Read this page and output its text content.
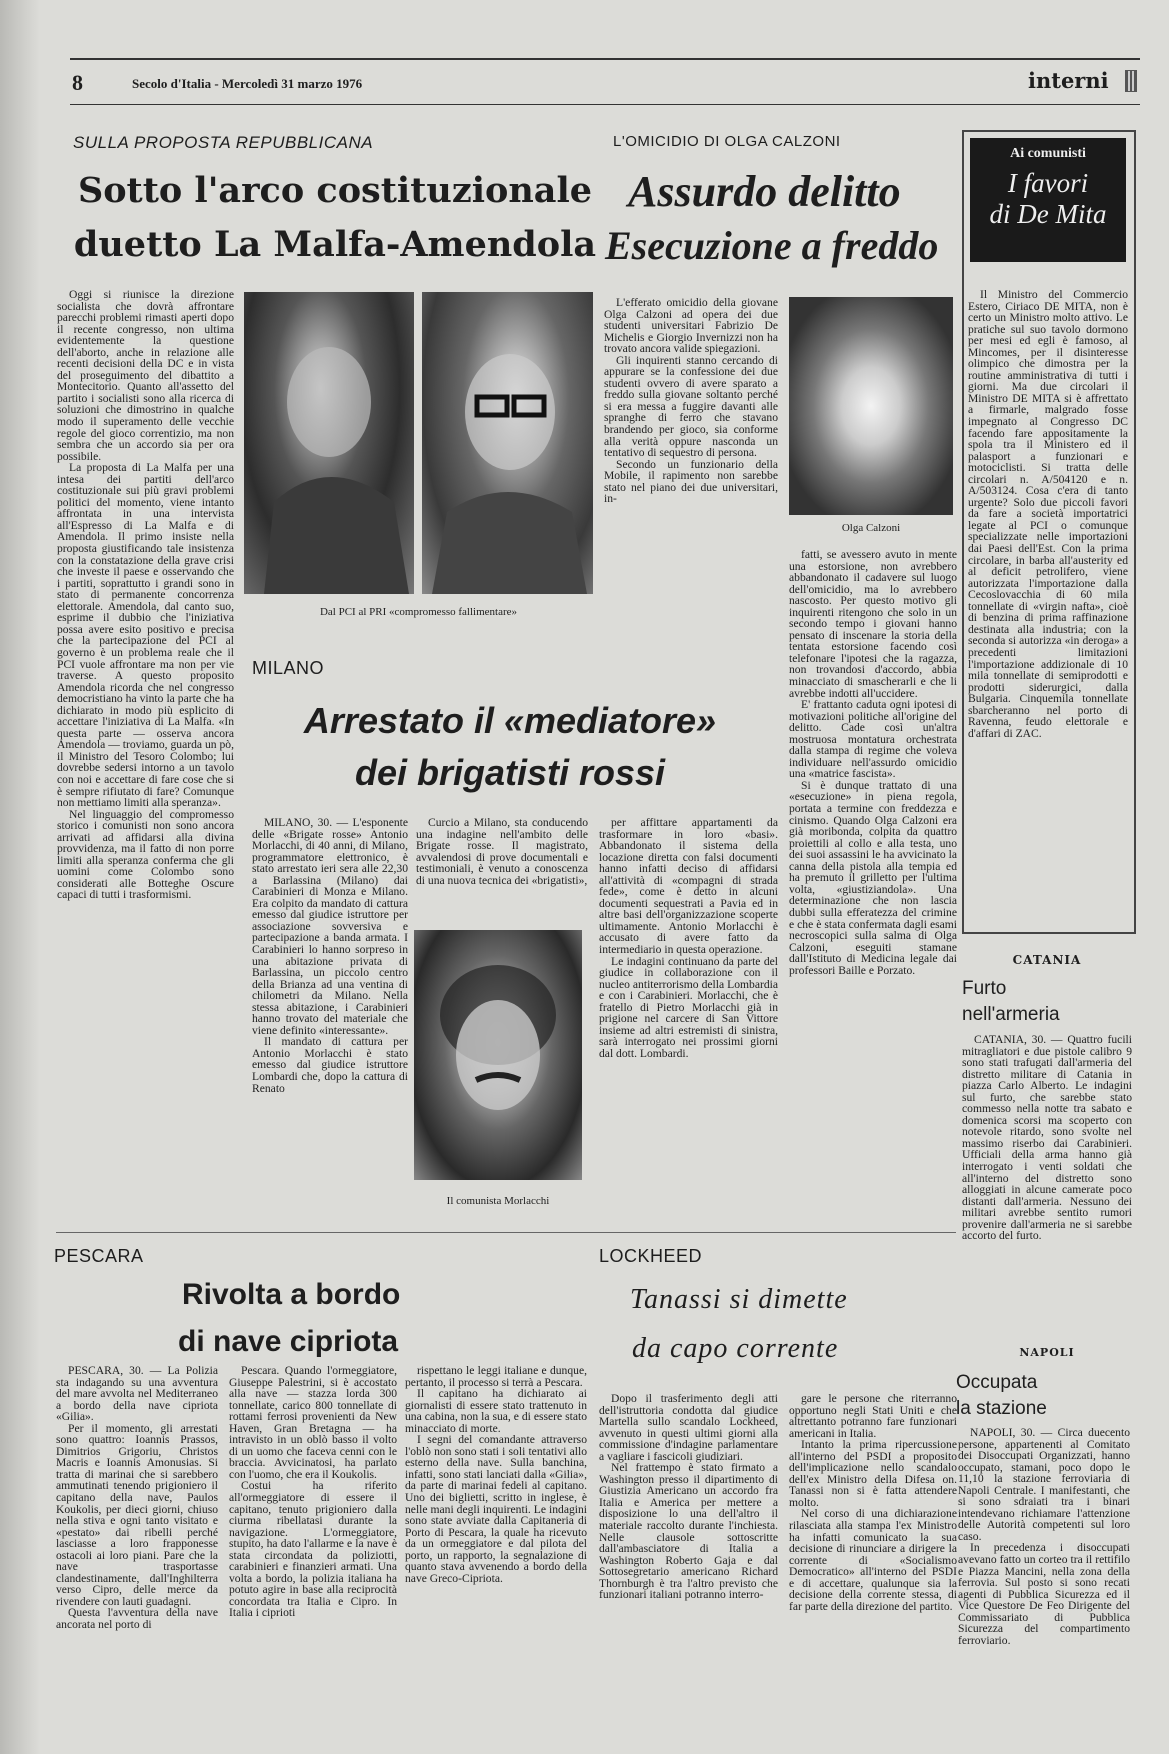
8	Secolo d'Italia - Mercoledì 31 marzo 1976	interni
SULLA PROPOSTA REPUBBLICANA
Sotto l'arco costituzionale
duetto La Malfa-Amendola

Oggi si riunisce la direzione socialista che dovrà affrontare parecchi problemi rimasti aperti dopo il recente congresso, non ultima evidentemente la questione dell'aborto, anche in relazione alle recenti decisioni della DC e in vista del proseguimento del dibattito a Montecitorio. Quanto all'assetto del partito i socialisti sono alla ricerca di soluzioni che dimostrino in qualche modo il superamento delle vecchie regole del gioco correntizio, ma non sembra che un accordo sia per ora possibile.

La proposta di La Malfa per una intesa dei partiti dell'arco costituzionale sui più gravi problemi politici del momento, viene intanto affrontata in una intervista all'Espresso di La Malfa e di Amendola. Il primo insiste nella proposta giustificando tale insistenza con la constatazione della grave crisi che investe il paese e osservando che i partiti, soprattutto i grandi sono in stato di permanente concorrenza elettorale. Amendola, dal canto suo, esprime il dubbio che l'iniziativa possa avere esito positivo e precisa che la partecipazione del PCI al governo è un problema reale che il PCI vuole affrontare ma non per vie traverse. A questo proposito Amendola ricorda che nel congresso democristiano ha vinto la parte che ha dichiarato in modo più esplicito di accettare l'iniziativa di La Malfa. «In questa parte — osserva ancora Amendola — troviamo, guarda un pò, il Ministro del Tesoro Colombo; lui dovrebbe sedersi intorno a un tavolo con noi e accettare di fare cose che si è sempre rifiutato di fare? Comunque non mettiamo limiti alla speranza».

Nel linguaggio del compromesso storico i comunisti non sono ancora arrivati ad affidarsi alla divina provvidenza, ma il fatto di non porre limiti alla speranza conferma che gli uomini come Colombo sono considerati alle Botteghe Oscure capaci di tutti i trasformismi.

Dal PCI al PRI «compromesso fallimentare»
L'OMICIDIO DI OLGA CALZONI
Assurdo delitto
Esecuzione a freddo

L'efferato omicidio della giovane Olga Calzoni ad opera dei due studenti universitari Fabrizio De Michelis e Giorgio Invernizzi non ha trovato ancora valide spiegazioni.

Gli inquirenti stanno cercando di appurare se la confessione dei due studenti ovvero di avere sparato a freddo sulla giovane soltanto perché si era messa a fuggire davanti alle spranghe di ferro che stavano brandendo per gioco, sia conforme alla verità oppure nasconda un tentativo di sequestro di persona.

Secondo un funzionario della Mobile, il rapimento non sarebbe stato nel piano dei due universitari, in-

Olga Calzoni

fatti, se avessero avuto in mente una estorsione, non avrebbero abbandonato il cadavere sul luogo dell'omicidio, ma lo avrebbero nascosto. Per questo motivo gli inquirenti ritengono che solo in un secondo tempo i giovani hanno pensato di inscenare la storia della tentata estorsione facendo così telefonare l'ipotesi che la ragazza, non trovandosi d'accordo, abbia minacciato di smascherarli e che li avrebbe indotti all'uccidere.

E' frattanto caduta ogni ipotesi di motivazioni politiche all'origine del delitto. Cade così un'altra mostruosa montatura orchestrata dalla stampa di regime che voleva individuare nell'assurdo omicidio una «matrice fascista».

Si è dunque trattato di una «esecuzione» in piena regola, portata a termine con freddezza e cinismo. Quando Olga Calzoni era già moribonda, colpita da quattro proiettili al collo e alla testa, uno dei suoi assassini le ha avvicinato la canna della pistola alla tempia ed ha premuto il grilletto per l'ultima volta, «giustiziandola». Una determinazione che non lascia dubbi sulla efferatezza del crimine e che è stata confermata dagli esami necroscopici sulla salma di Olga Calzoni, eseguiti stamane dall'Istituto di Medicina legale dai professori Baille e Porzato.

Ai comunisti
I favori
di De Mita

Il Ministro del Commercio Estero, Ciriaco DE MITA, non è certo un Ministro molto attivo. Le pratiche sul suo tavolo dormono per mesi ed egli è famoso, al Mincomes, per il disinteresse olimpico che dimostra per la routine amministrativa di tutti i giorni. Ma due circolari il Ministro DE MITA si è affrettato a firmarle, malgrado fosse impegnato al Congresso DC facendo fare appositamente la spola tra il Ministero ed il palasport a funzionari e motociclisti. Si tratta delle circolari n. A/504120 e n. A/503124. Cosa c'era di tanto urgente? Solo due piccoli favori da fare a società importatrici legate al PCI o comunque specializzate nelle importazioni dai Paesi dell'Est. Con la prima circolare, in barba all'austerity ed al deficit petrolifero, viene autorizzata l'importazione dalla Cecoslovacchia di 60 mila tonnellate di «virgin nafta», cioè di benzina di prima raffinazione destinata alla industria; con la seconda si autorizza «in deroga» a precedenti limitazioni l'importazione addizionale di 10 mila tonnellate di semiprodotti e prodotti siderurgici, dalla Bulgaria. Cinquemila tonnellate sbarcheranno nel porto di Ravenna, feudo elettorale e d'affari di ZAC.

CATANIA
Furto
nell'armeria

CATANIA, 30. — Quattro fucili mitragliatori e due pistole calibro 9 sono stati trafugati dall'armeria del distretto militare di Catania in piazza Carlo Alberto. Le indagini sul furto, che sarebbe stato commesso nella notte tra sabato e domenica scorsi ma scoperto con notevole ritardo, sono svolte nel massimo riserbo dai Carabinieri. Ufficiali della arma hanno già interrogato i venti soldati che all'interno del distretto sono alloggiati in alcune camerate poco distanti dall'armeria. Nessuno dei militari avrebbe sentito rumori provenire dall'armeria ne si sarebbe accorto del furto.

MILANO
Arrestato il «mediatore»
dei brigatisti rossi

MILANO, 30. — L'esponente delle «Brigate rosse» Antonio Morlacchi, di 40 anni, di Milano, programmatore elettronico, è stato arrestato ieri sera alle 22,30 a Barlassina (Milano) dai Carabinieri di Monza e Milano. Era colpito da mandato di cattura emesso dal giudice istruttore per associazione sovversiva e partecipazione a banda armata. I Carabinieri lo hanno sorpreso in una abitazione privata di Barlassina, un piccolo centro della Brianza ad una ventina di chilometri da Milano. Nella stessa abitazione, i Carabinieri hanno trovato del materiale che viene definito «interessante».

Il mandato di cattura per Antonio Morlacchi è stato emesso dal giudice istruttore Lombardi che, dopo la cattura di Renato

Curcio a Milano, sta conducendo una indagine nell'ambito delle Brigate rosse. Il magistrato, avvalendosi di prove documentali e testimoniali, è venuto a conoscenza di una nuova tecnica dei «brigatisti»,

Il comunista Morlacchi

per affittare appartamenti da trasformare in loro «basi». Abbandonato il sistema della locazione diretta con falsi documenti hanno infatti deciso di affidarsi all'attività di «compagni di strada fede», come è detto in alcuni documenti sequestrati a Pavia ed in altre basi dell'organizzazione scoperte ultimamente. Antonio Morlacchi è accusato di avere fatto da intermediario in questa operazione.

Le indagini continuano da parte del giudice in collaborazione con il nucleo antiterrorismo della Lombardia e con i Carabinieri. Morlacchi, che è fratello di Pietro Morlacchi già in prigione nel carcere di San Vittore insieme ad altri estremisti di sinistra, sarà interrogato nei prossimi giorni dal dott. Lombardi.

PESCARA
Rivolta a bordo
di nave cipriota

PESCARA, 30. — La Polizia sta indagando su una avventura del mare avvolta nel Mediterraneo a bordo della nave cipriota «Gilia».

Per il momento, gli arrestati sono quattro: Ioannis Prassos, Dimitrios Grigoriu, Christos Macris e Ioannis Amonusias. Si tratta di marinai che si sarebbero ammutinati tenendo prigioniero il capitano della nave, Paulos Koukolis, per dieci giorni, chiuso nella stiva e ogni tanto visitato e «pestato» dai ribelli perché lasciasse a loro frapponesse ostacoli ai loro piani. Pare che la nave trasportasse clandestinamente, dall'Inghilterra verso Cipro, delle merce da rivendere con lauti guadagni.

Questa l'avventura della nave ancorata nel porto di

Pescara. Quando l'ormeggiatore, Giuseppe Palestrini, si è accostato alla nave — stazza lorda 300 tonnellate, carico 800 tonnellate di rottami ferrosi provenienti da New Haven, Gran Bretagna — ha intravisto in un oblò basso il volto di un uomo che faceva cenni con le braccia. Avvicinatosi, ha parlato con l'uomo, che era il Koukolis.

Costui ha riferito all'ormeggiatore di essere il capitano, tenuto prigioniero dalla ciurma ribellatasi durante la navigazione. L'ormeggiatore, stupito, ha dato l'allarme e la nave è stata circondata da poliziotti, carabinieri e finanzieri armati. Una volta a bordo, la polizia italiana ha potuto agire in base alla reciprocità concordata tra Italia e Cipro. In Italia i ciprioti

rispettano le leggi italiane e dunque, pertanto, il processo si terrà a Pescara.

Il capitano ha dichiarato ai giornalisti di essere stato trattenuto in una cabina, non la sua, e di essere stato minacciato di morte.

I segni del comandante attraverso l'oblò non sono stati i soli tentativi allo esterno della nave. Sulla banchina, infatti, sono stati lanciati dalla «Gilia», da parte di marinai fedeli al capitano. Uno dei biglietti, scritto in inglese, è nelle mani degli inquirenti. Le indagini sono state avviate dalla Capitaneria di Porto di Pescara, la quale ha ricevuto da un ormeggiatore e dal pilota del porto, un rapporto, la segnalazione di quanto stava avvenendo a bordo della nave Greco-Cipriota.

LOCKHEED
Tanassi si dimette
da capo corrente

Dopo il trasferimento degli atti dell'istruttoria condotta dal giudice Martella sullo scandalo Lockheed, avvenuto in questi ultimi giorni alla commissione d'indagine parlamentare a vagliare i fascicoli giudiziari.

Nel frattempo è stato firmato a Washington presso il dipartimento di Giustizia Americano un accordo fra Italia e America per mettere a disposizione lo una dell'altro il materiale raccolto durante l'inchiesta. Nelle clausole sottoscritte dall'ambasciatore di Italia a Washington Roberto Gaja e dal Sottosegretario americano Richard Thornburgh è tra l'altro previsto che funzionari italiani potranno interro-

gare le persone che riterranno opportuno negli Stati Uniti e che altrettanto potranno fare funzionari americani in Italia.

Intanto la prima ripercussione all'interno del PSDI a proposito dell'implicazione nello scandalo dell'ex Ministro della Difesa on. Tanassi non si è fatta attendere molto.

Nel corso di una dichiarazione rilasciata alla stampa l'ex Ministro ha infatti comunicato la sua decisione di rinunciare a dirigere la corrente di «Socialismo Democratico» all'interno del PSDI e di accettare, qualunque sia la decisione della corrente stessa, di far parte della direzione del partito.

NAPOLI
Occupata
la stazione

NAPOLI, 30. — Circa duecento persone, appartenenti al Comitato dei Disoccupati Organizzati, hanno occupato, stamani, poco dopo le 11,10 la stazione ferroviaria di Napoli Centrale. I manifestanti, che si sono sdraiati tra i binari intendevano richiamare l'attenzione delle Autorità competenti sul loro caso.

In precedenza i disoccupati avevano fatto un corteo tra il rettifilo e Piazza Mancini, nella zona della ferrovia. Sul posto si sono recati agenti di Pubblica Sicurezza ed il Vice Questore De Feo Dirigente del Commissariato di Pubblica Sicurezza del compartimento ferroviario.
